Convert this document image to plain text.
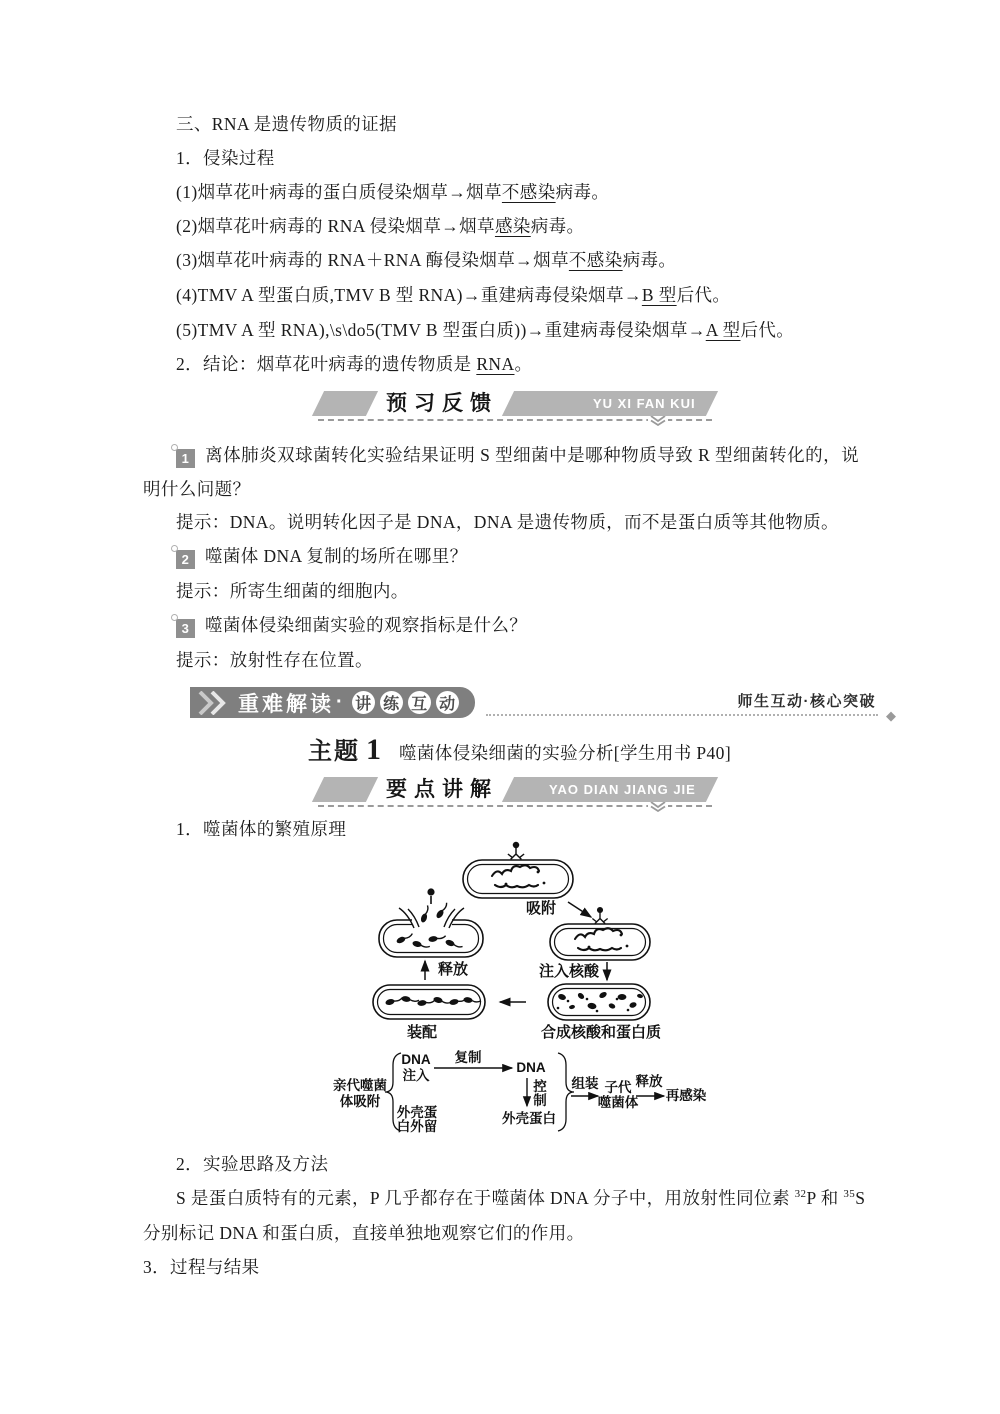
三、RNA 是遗传物质的证据
1．侵染过程
(1)烟草花叶病毒的蛋白质侵染烟草→烟草不感染病毒。
(2)烟草花叶病毒的 RNA 侵染烟草→烟草感染病毒。
(3)烟草花叶病毒的 RNA＋RNA 酶侵染烟草→烟草不感染病毒。
(4)TMV A 型蛋白质,TMV B 型 RNA)→重建病毒侵染烟草→B 型后代。
(5)TMV A 型 RNA),\s\do5(TMV B 型蛋白质))→重建病毒侵染烟草→A 型后代。
2．结论：烟草花叶病毒的遗传物质是 RNA。
预习反馈	YU XI FAN KUI
1 离体肺炎双球菌转化实验结果证明 S 型细菌中是哪种物质导致 R 型细菌转化的，说明什么问题？
提示：DNA。说明转化因子是 DNA，DNA 是遗传物质，而不是蛋白质等其他物质。
2 噬菌体 DNA 复制的场所在哪里？
提示：所寄生细菌的细胞内。
3 噬菌体侵染细菌实验的观察指标是什么？
提示：放射性存在位置。
重难解读 · 讲 练 互 动	师生互动·核心突破
◆
主题 1 噬菌体侵染细菌的实验分析[学生用书 P40]
要点讲解	YAO DIAN JIANG JIE
1．噬菌体的繁殖原理
吸附
注入核酸
合成核酸和蛋白质
装配
释放
亲代噬菌
体吸附
DNA
注入
复制
DNA
控
制
外壳蛋白
外壳蛋
白外留
组装 子代
噬菌体
释放
再感染
2．实验思路及方法
S 是蛋白质特有的元素，P 几乎都存在于噬菌体 DNA 分子中，用放射性同位素 $^{32}$P 和 $^{35}$S
分别标记 DNA 和蛋白质，直接单独地观察它们的作用。
3．过程与结果
